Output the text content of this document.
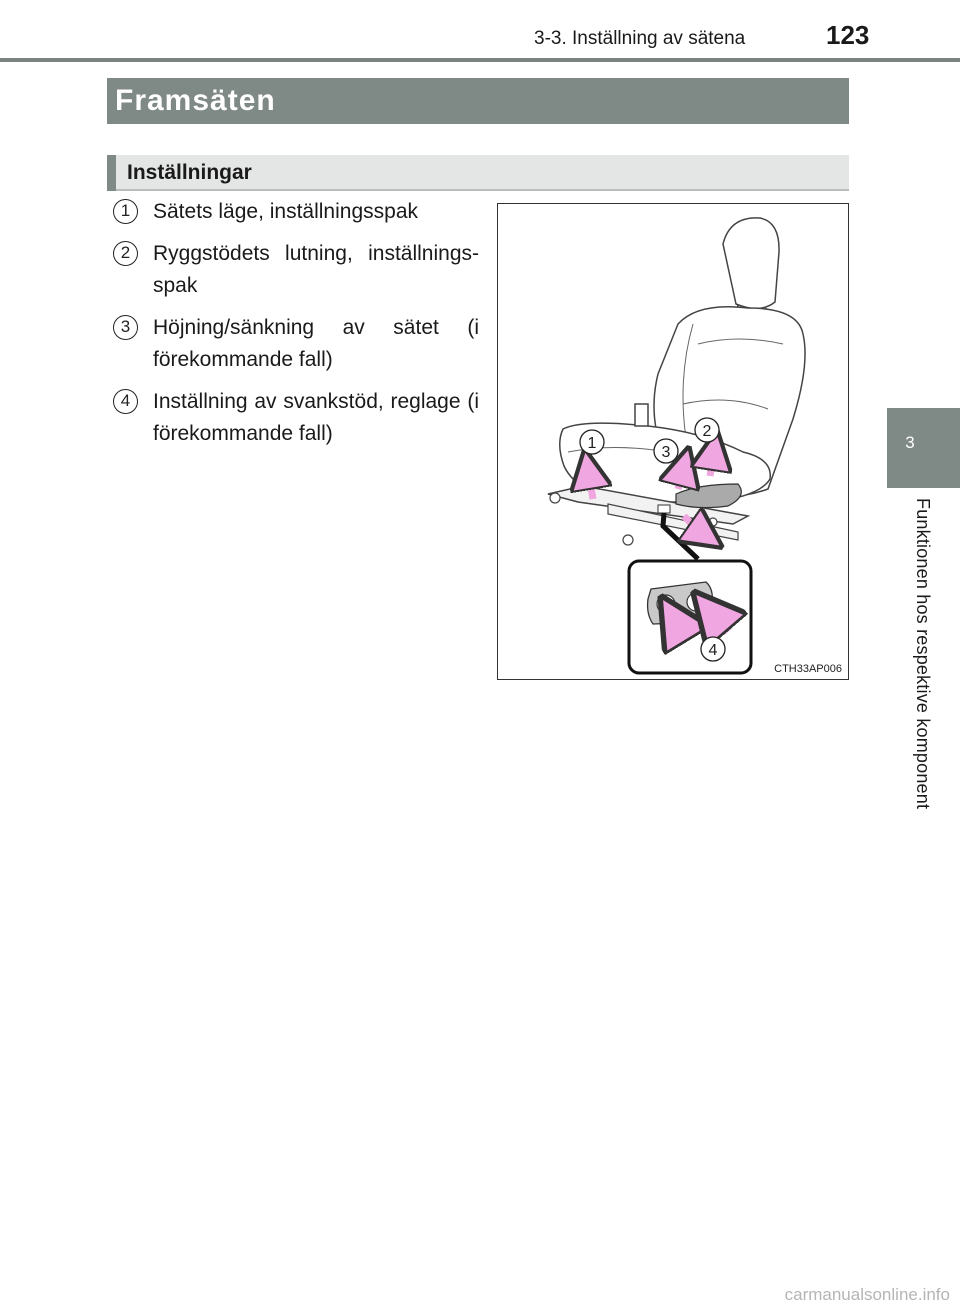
3-3. Inställning av sätena	123
Framsäten
Inställningar
1	Sätets läge, inställningsspak
2	Ryggstödets lutning, inställnings-spak
3	Höjning/sänkning av sätet (i förekommande fall)
4	Inställning av svankstöd, reglage (i förekommande fall)	1
2
3
4
CTH33AP006
3
Funktionen hos respektive komponent
carmanualsonline.info
